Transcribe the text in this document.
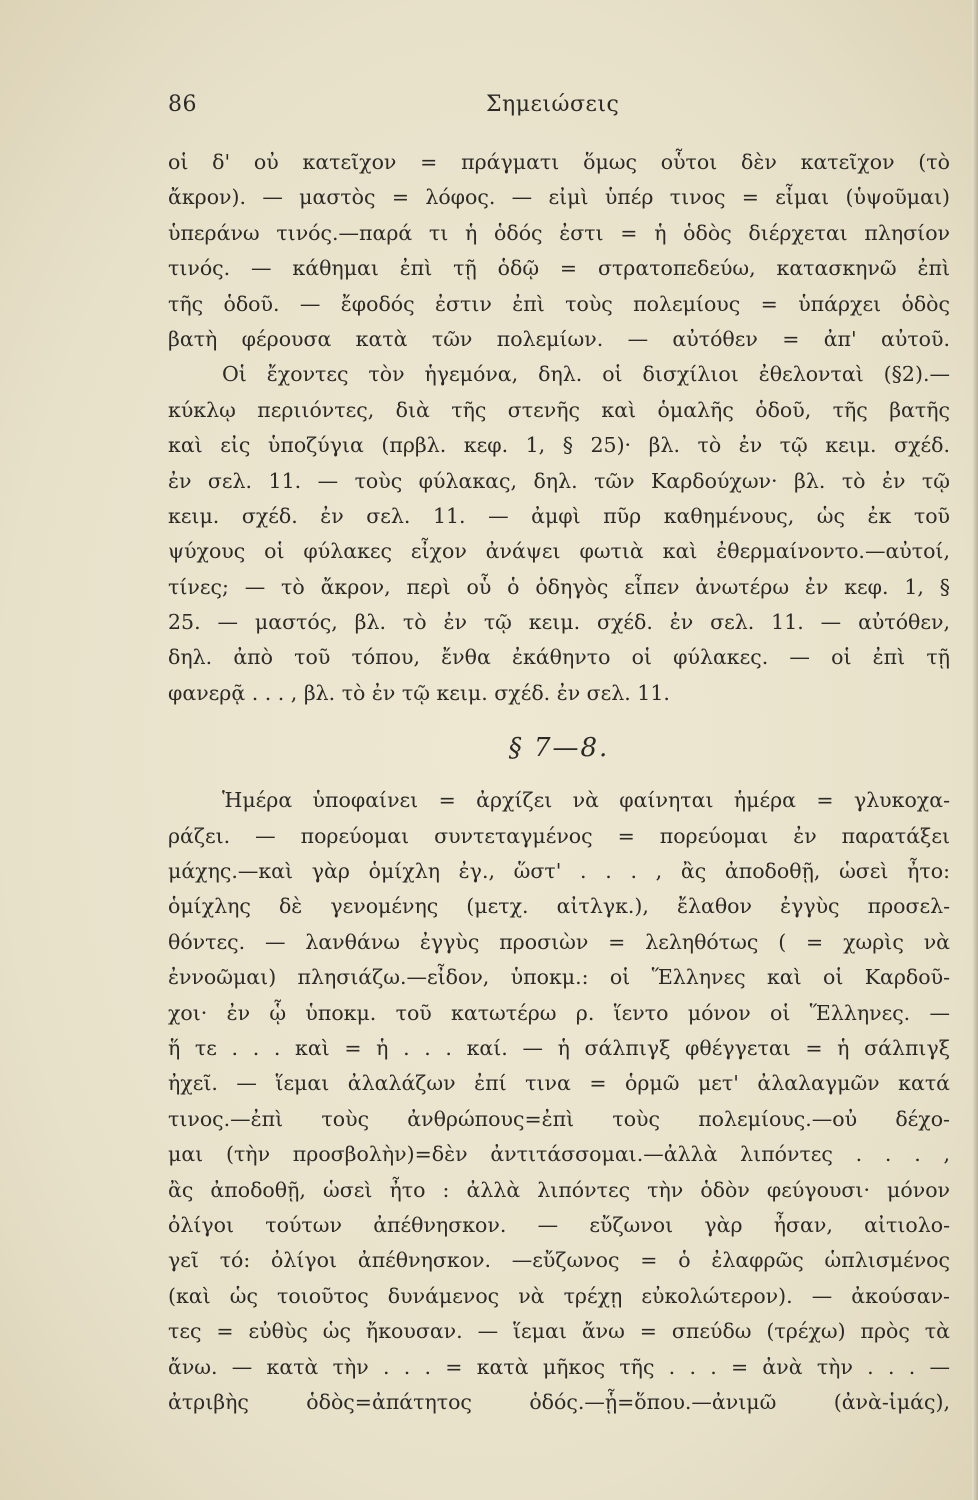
86	Σημειώσεις
οἱ δ' οὐ κατεῖχον = πράγματι ὅμως οὗτοι δὲν κατεῖχον (τὸ
ἄκρον). — μαστὸς = λόφος. — εἰμὶ ὑπέρ τινος = εἶμαι (ὑψοῦμαι)
ὑπεράνω τινός.—παρά τι ἡ ὁδός ἐστι = ἡ ὁδὸς διέρχεται πλησίον
τινός. — κάθημαι ἐπὶ τῇ ὁδῷ = στρατοπεδεύω, κατασκηνῶ ἐπὶ
τῆς ὁδοῦ. — ἔφοδός ἐστιν ἐπὶ τοὺς πολεμίους = ὑπάρχει ὁδὸς
βατὴ φέρουσα κατὰ τῶν πολεμίων. — αὐτόθεν = ἀπ' αὐτοῦ.
Οἱ ἔχοντες τὸν ἡγεμόνα, δηλ. οἱ δισχίλιοι ἐθελονταὶ (§2).—
κύκλῳ περιιόντες, διὰ τῆς στενῆς καὶ ὁμαλῆς ὁδοῦ, τῆς βατῆς
καὶ εἰς ὑποζύγια (πρβλ. κεφ. 1, § 25)· βλ. τὸ ἐν τῷ κειμ. σχέδ.
ἐν σελ. 11. — τοὺς φύλακας, δηλ. τῶν Καρδούχων· βλ. τὸ ἐν τῷ
κειμ. σχέδ. ἐν σελ. 11. — ἀμφὶ πῦρ καθημένους, ὡς ἐκ τοῦ
ψύχους οἱ φύλακες εἶχον ἀνάψει φωτιὰ καὶ ἐθερμαίνοντο.—αὐτοί,
τίνες; — τὸ ἄκρον, περὶ οὗ ὁ ὁδηγὸς εἶπεν ἀνωτέρω ἐν κεφ. 1, §
25. — μαστός, βλ. τὸ ἐν τῷ κειμ. σχέδ. ἐν σελ. 11. — αὐτόθεν,
δηλ. ἀπὸ τοῦ τόπου, ἔνθα ἐκάθηντο οἱ φύλακες. — οἱ ἐπὶ τῇ
φανερᾷ . . . , βλ. τὸ ἐν τῷ κειμ. σχέδ. ἐν σελ. 11.
§ 7—8.
Ἡμέρα ὑποφαίνει = ἀρχίζει νὰ φαίνηται ἡμέρα = γλυκοχα-
ράζει. — πορεύομαι συντεταγμένος = πορεύομαι ἐν παρατάξει
μάχης.—καὶ γὰρ ὁμίχλη ἐγ., ὥστ' . . . , ἂς ἀποδοθῇ, ὡσεὶ ἦτο:
ὁμίχλης δὲ γενομένης (μετχ. αἰτλγκ.), ἔλαθον ἐγγὺς προσελ-
θόντες. — λανθάνω ἐγγὺς προσιὼν = λεληθότως ( = χωρὶς νὰ
ἐννοῶμαι) πλησιάζω.—εἶδον, ὑποκμ.: οἱ Ἕλληνες καὶ οἱ Καρδοῦ-
χοι· ἐν ᾧ ὑποκμ. τοῦ κατωτέρω ρ. ἵεντο μόνον οἱ Ἕλληνες. —
ἥ τε . . . καὶ = ἡ . . . καί. — ἡ σάλπιγξ φθέγγεται = ἡ σάλπιγξ
ἠχεῖ. — ἵεμαι ἀλαλάζων ἐπί τινα = ὁρμῶ μετ' ἀλαλαγμῶν κατά
τινος.—ἐπὶ τοὺς ἀνθρώπους=ἐπὶ τοὺς πολεμίους.—οὐ δέχο-
μαι (τὴν προσβολὴν)=δὲν ἀντιτάσσομαι.—ἀλλὰ λιπόντες . . . ,
ἂς ἀποδοθῇ, ὡσεὶ ἦτο : ἀλλὰ λιπόντες τὴν ὁδὸν φεύγουσι· μόνον
ὀλίγοι τούτων ἀπέθνησκον. — εὔζωνοι γὰρ ἦσαν, αἰτιολο-
γεῖ τό: ὀλίγοι ἀπέθνησκον. —εὔζωνος = ὁ ἐλαφρῶς ὡπλισμένος
(καὶ ὡς τοιοῦτος δυνάμενος νὰ τρέχῃ εὐκολώτερον). — ἀκούσαν-
τες = εὐθὺς ὡς ἤκουσαν. — ἵεμαι ἄνω = σπεύδω (τρέχω) πρὸς τὰ
ἄνω. — κατὰ τὴν . . . = κατὰ μῆκος τῆς . . . = ἀνὰ τὴν . . . —
ἀτριβὴς ὁδὸς=ἀπάτητος ὁδός.—ᾗ=ὅπου.—ἀνιμῶ (ἀνὰ-ἱμάς),
